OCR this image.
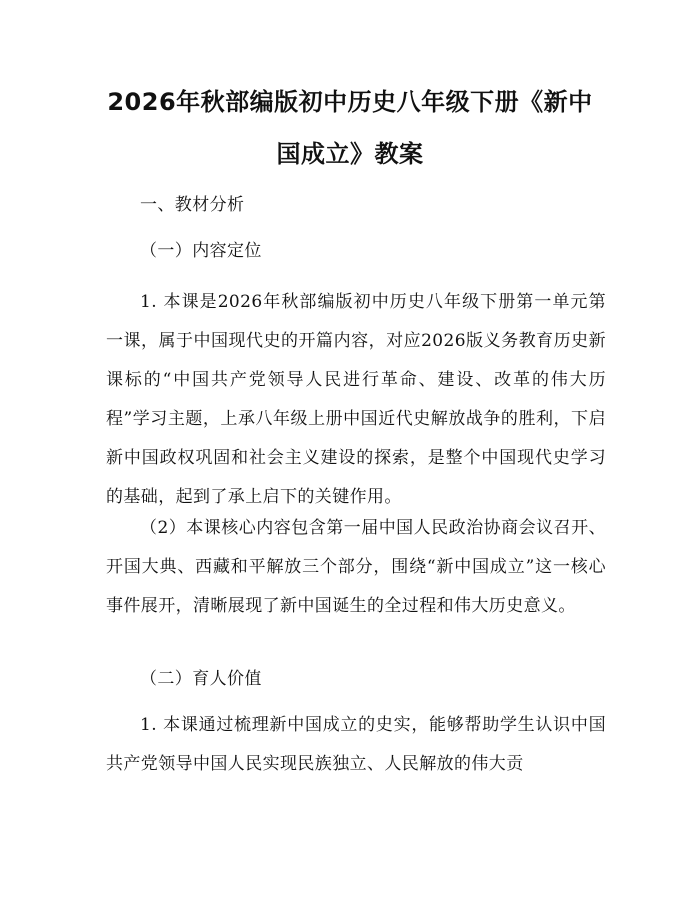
2026年秋部编版初中历史八年级下册《新中
国成立》教案

一、教材分析

（一）内容定位

1. 本课是2026年秋部编版初中历史八年级下册第一单元第一课，属于中国现代史的开篇内容，对应2026版义务教育历史新课标的“中国共产党领导人民进行革命、建设、改革的伟大历程”学习主题，上承八年级上册中国近代史解放战争的胜利，下启新中国政权巩固和社会主义建设的探索，是整个中国现代史学习的基础，起到了承上启下的关键作用。

（2）本课核心内容包含第一届中国人民政治协商会议召开、开国大典、西藏和平解放三个部分，围绕“新中国成立”这一核心事件展开，清晰展现了新中国诞生的全过程和伟大历史意义。

（二）育人价值

1. 本课通过梳理新中国成立的史实，能够帮助学生认识中国共产党领导中国人民实现民族独立、人民解放的伟大贡
